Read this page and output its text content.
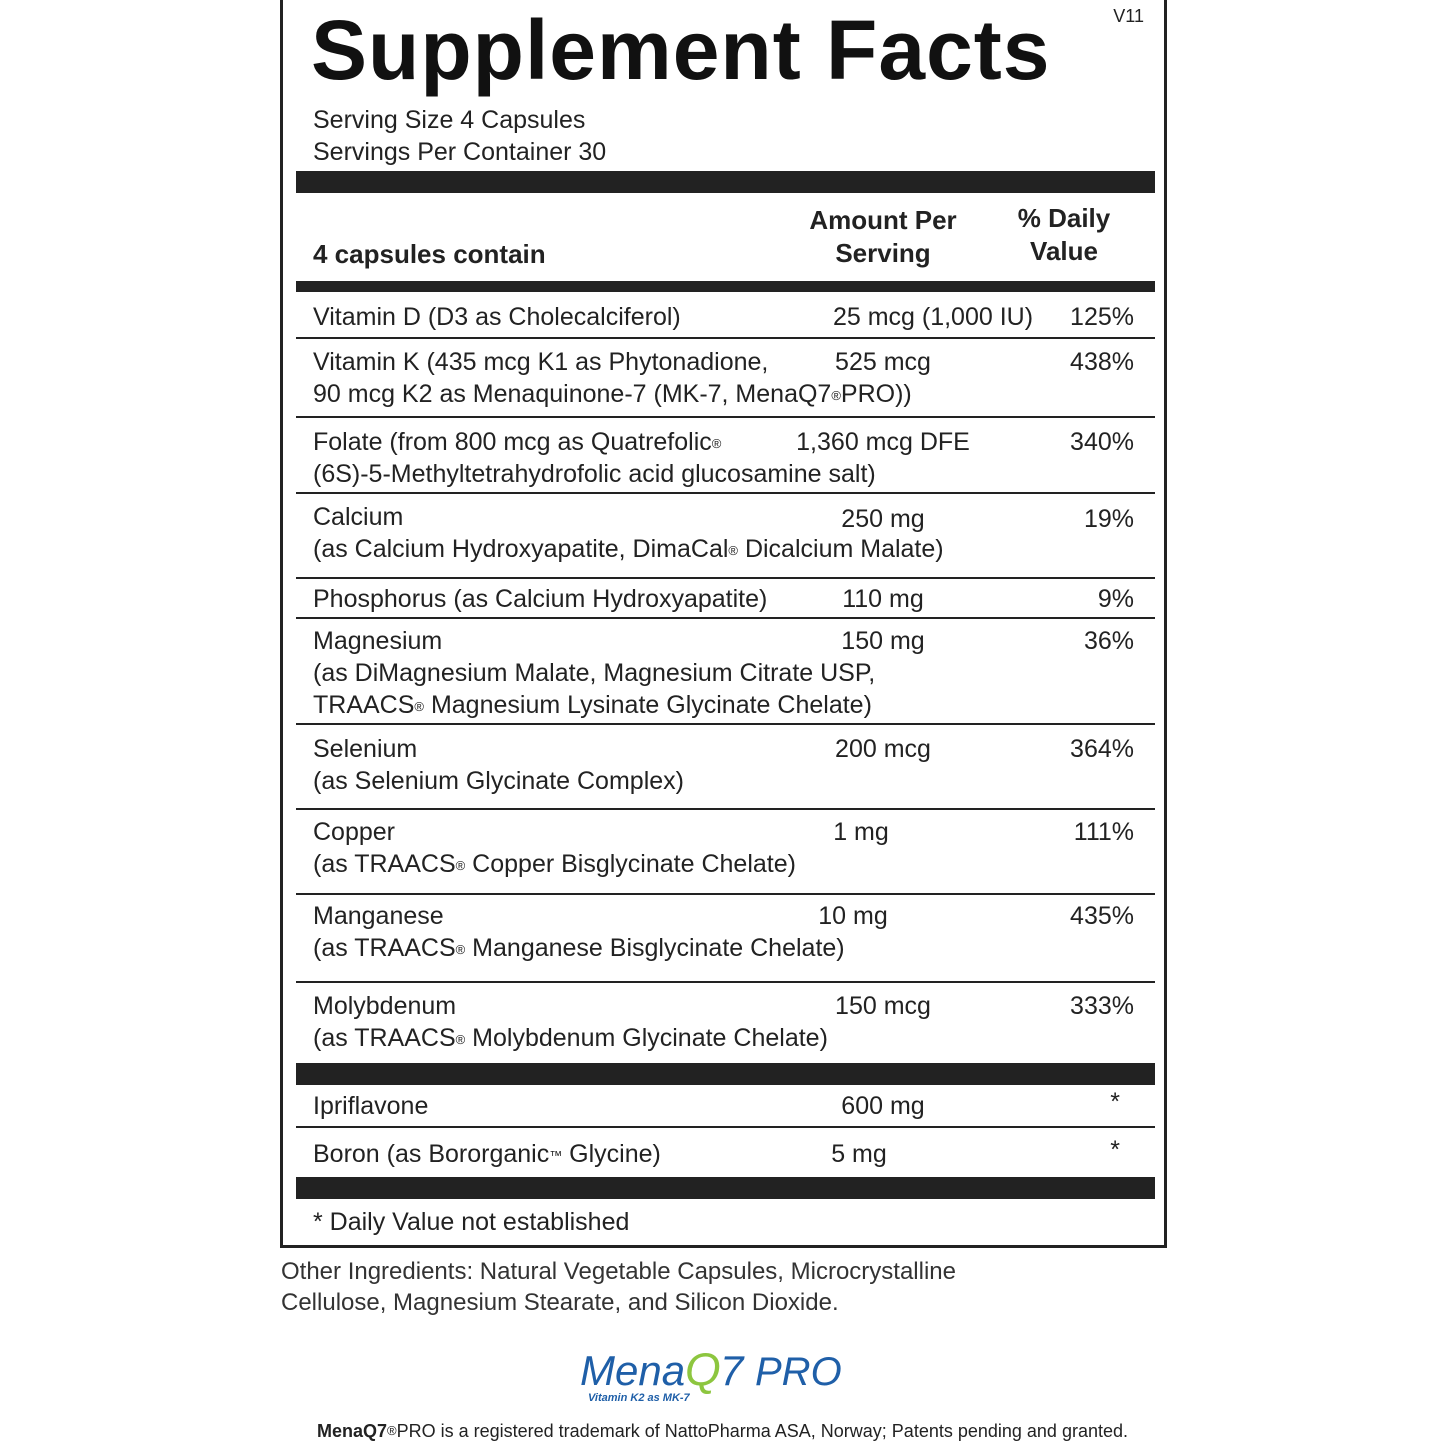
V11
Supplement Facts
Serving Size 4 Capsules
Servings Per Container 30
4 capsules contain
Amount Per
Serving
% Daily
Value
Vitamin D (D3 as Cholecalciferol)	25 mcg (1,000 IU)	125%
Vitamin K (435 mcg K1 as Phytonadione,
90 mcg K2 as Menaquinone-7 (MK-7, MenaQ7®PRO))
525 mcg	438%
Folate (from 800 mcg as Quatrefolic®
(6S)-5-Methyltetrahydrofolic acid glucosamine salt)
1,360 mcg DFE	340%
Calcium
(as Calcium Hydroxyapatite, DimaCal® Dicalcium Malate)
250 mg	19%
Phosphorus (as Calcium Hydroxyapatite)	110 mg	9%
Magnesium
(as DiMagnesium Malate, Magnesium Citrate USP,
TRAACS® Magnesium Lysinate Glycinate Chelate)
150 mg	36%
Selenium
(as Selenium Glycinate Complex)
200 mcg	364%
Copper
(as TRAACS® Copper Bisglycinate Chelate)
1 mg	111%
Manganese
(as TRAACS® Manganese Bisglycinate Chelate)
10 mg	435%
Molybdenum
(as TRAACS® Molybdenum Glycinate Chelate)
150 mcg	333%
Ipriflavone	600 mg	*
Boron (as Bororganic™ Glycine)	5 mg	*
* Daily Value not established
Other Ingredients: Natural Vegetable Capsules, Microcrystalline Cellulose, Magnesium Stearate, and Silicon Dioxide.
Mena Q 7 PRO
Vitamin K2 as MK-7
MenaQ7®PRO is a registered trademark of NattoPharma ASA, Norway; Patents pending and granted.
